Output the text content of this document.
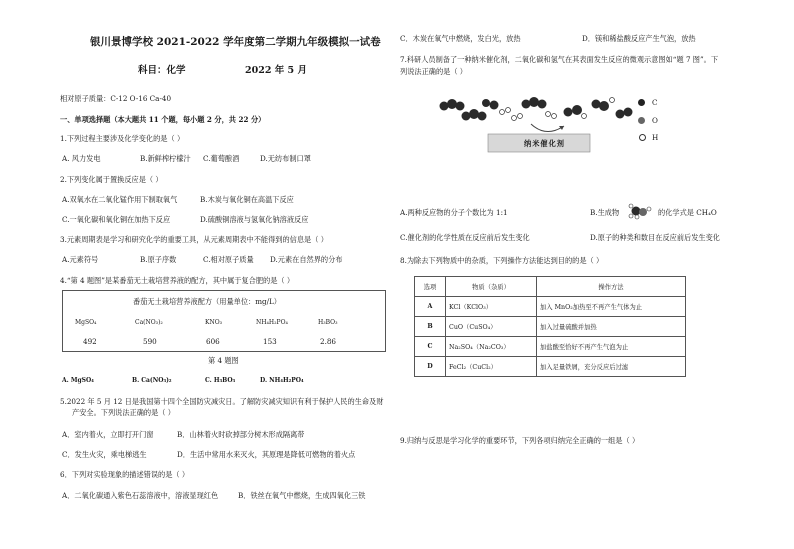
银川景博学校 2021-2022 学年度第二学期九年级模拟一试卷
科目：化学	2022 年 5 月
相对原子质量：C-12 O-16 Ca-40
一、单项选择题（本大题共 11 个题，每小题 2 分，共 22 分）
1.下列过程主要涉及化学变化的是（ ）
A. 风力发电	B.新鲜榨柠檬汁 C.葡萄酿酒	D.无纺布制口罩
2.下列变化属于置换反应是（ ）
A.双氧水在二氧化锰作用下制取氧气	B.木炭与氧化铜在高温下反应
C.一氧化碳和氧化铜在加热下反应	D.硫酸铜溶液与氢氧化钠溶液反应
3.元素周期表是学习和研究化学的重要工具，从元素周期表中不能得到的信息是（ ）
A.元素符号	B.原子序数	C.相对原子质量 D.元素在自然界的分布
4.“第 4 题图”是某番茄无土栽培营养液的配方，其中属于复合肥的是（ ）
番茄无土栽培营养液配方（用量单位：mg/L）
MgSO₄	Ca(NO₃)₂	KNO₃	NH₄H₂PO₄	H₃BO₃
492	590	606	153	2.86
第 4 题图
A. MgSO₄	B. Ca(NO₃)₂	C. H₃BO₃	D. NH₄H₂PO₄
5.2022 年 5 月 12 日是我国第十四个全国防灾减灾日。了解防灾减灾知识有利于保护人民的生命及财
产安全。下列说法正确的是（ ）
A．室内着火，立即打开门窗	B．山林着火时砍掉部分树木形成隔离带
C．发生火灾，乘电梯逃生	D．生活中常用水来灭火，其原理是降低可燃物的着火点
6．下列对实验现象的描述错误的是（ ）
A．二氧化碳通入紫色石蕊溶液中，溶液显现红色	B．铁丝在氧气中燃烧，生成四氧化三铁
C．木炭在氧气中燃烧，发白光，放热	D．镁和稀盐酸反应产生气泡，放热
7.科研人员制备了一种纳米催化剂，二氧化碳和氢气在其表面发生反应的微观示意图如“题 7 图”。下
列说法正确的是（ ）
纳米催化剂
C
O
H
A.两种反应物的分子个数比为 1:1	B.生成物	的化学式是 CH₄O
C.催化剂的化学性质在反应前后发生变化	D.原子的种类和数目在反应前后发生变化
8.为除去下列物质中的杂质，下列操作方法能达到目的的是（ ）
选项	物质（杂质）	操作方法
A	KCl（KClO₃）	加入 MnO₂加热至不再产生气体为止
B	CuO（CuSO₄）	加入过量硫酸并加热
C	Na₂SO₄（Na₂CO₃）	加盐酸至恰好不再产生气泡为止
D	FeCl₂（CuCl₂）	加入足量铁屑，充分反应后过滤
9.归纳与反思是学习化学的重要环节，下列各项归纳完全正确的一组是（ ）
